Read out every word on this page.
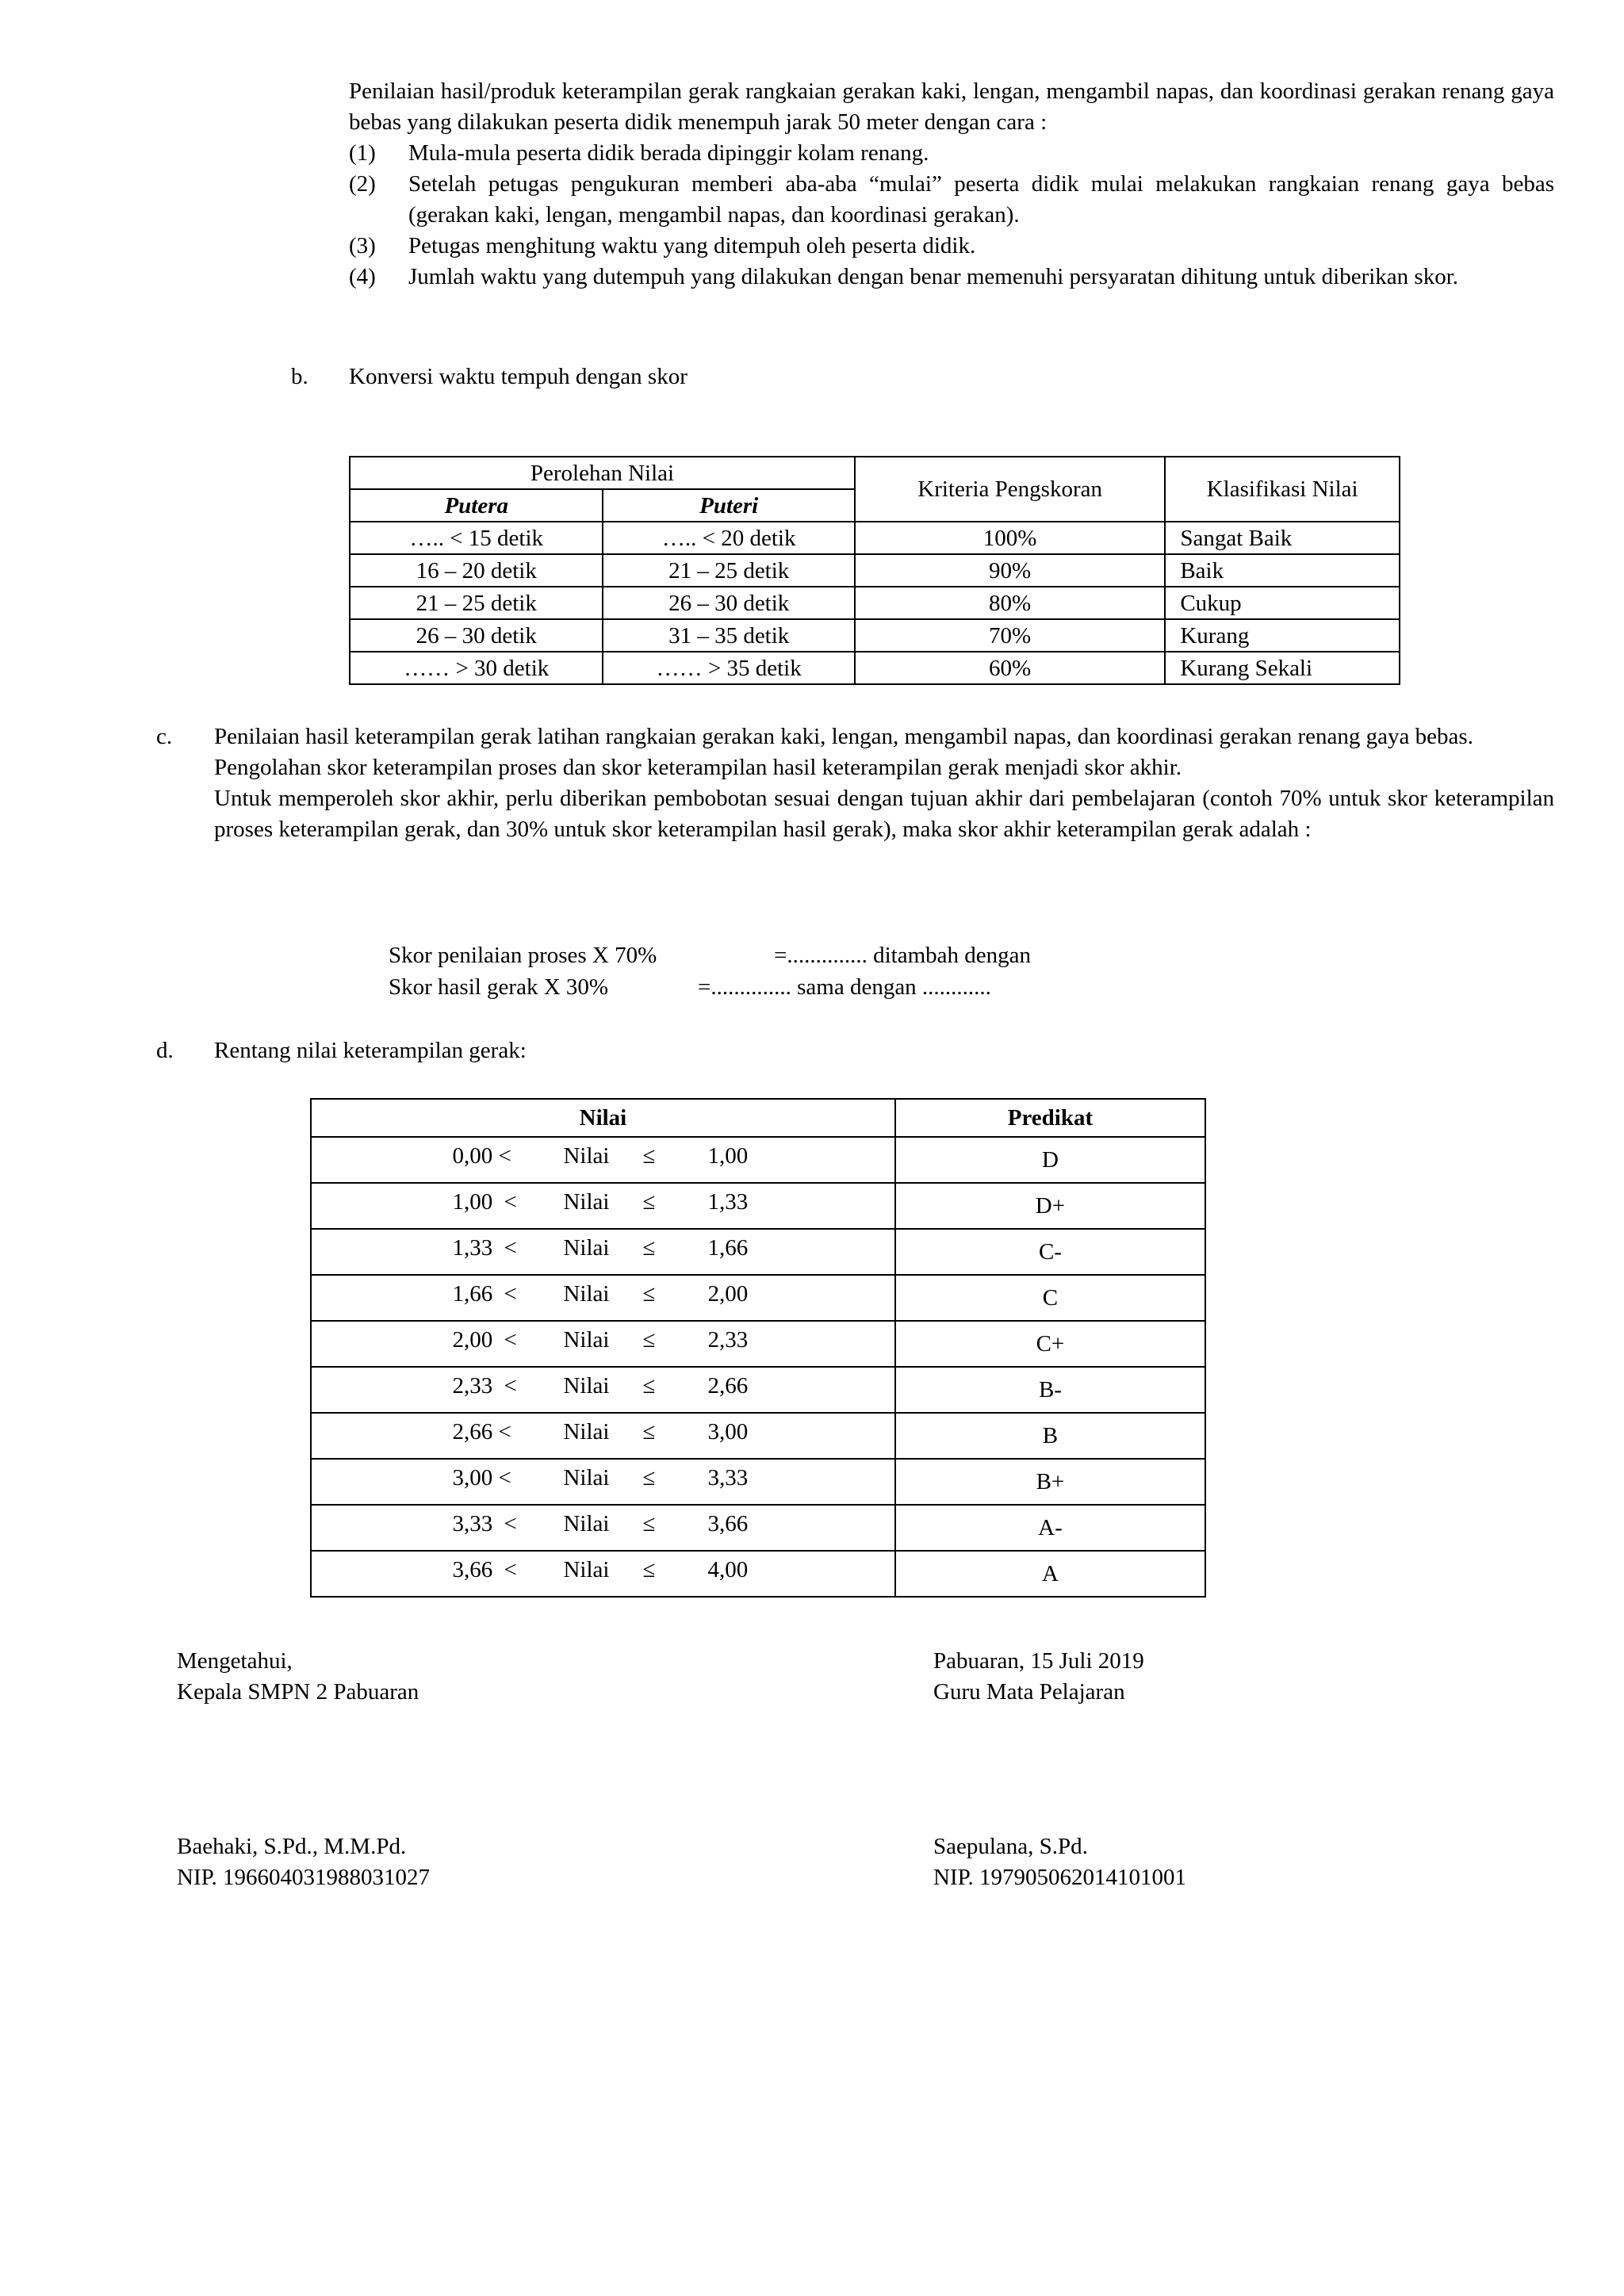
Penilaian hasil/produk keterampilan gerak rangkaian gerakan kaki, lengan, mengambil napas, dan koordinasi gerakan renang gaya bebas yang dilakukan peserta didik menempuh jarak 50 meter dengan cara :
(1) Mula-mula peserta didik berada dipinggir kolam renang.
(2) Setelah petugas pengukuran memberi aba-aba “mulai” peserta didik mulai melakukan rangkaian renang gaya bebas (gerakan kaki, lengan, mengambil napas, dan koordinasi gerakan).
(3) Petugas menghitung waktu yang ditempuh oleh peserta didik.
(4) Jumlah waktu yang dutempuh yang dilakukan dengan benar memenuhi persyaratan dihitung untuk diberikan skor.
b. Konversi waktu tempuh dengan skor
Perolehan Nilai		Kriteria Pengskoran	Klasifikasi Nilai
Putera	Puteri		
….. < 15 detik	….. < 20 detik	100%	Sangat Baik
16 – 20 detik	21 – 25 detik	90%	Baik
21 – 25 detik	26 – 30 detik	80%	Cukup
26 – 30 detik	31 – 35 detik	70%	Kurang
…… > 30 detik	…… > 35 detik	60%	Kurang Sekali
c. Penilaian hasil keterampilan gerak latihan rangkaian gerakan kaki, lengan, mengambil napas, dan koordinasi gerakan renang gaya bebas.
Pengolahan skor keterampilan proses dan skor keterampilan hasil keterampilan gerak menjadi skor akhir.
Untuk memperoleh skor akhir, perlu diberikan pembobotan sesuai dengan tujuan akhir dari pembelajaran (contoh 70% untuk skor keterampilan proses keterampilan gerak, dan 30% untuk skor keterampilan hasil gerak), maka skor akhir keterampilan gerak adalah :
Skor penilaian proses X 70%	=.............. ditambah dengan
Skor hasil gerak X 30%	=.............. sama dengan ............
d. Rentang nilai keterampilan gerak:
Nilai	Predikat

0,00 < Nilai ≤ 1,00	D

1,00 < Nilai ≤ 1,33	D+

1,33 < Nilai ≤ 1,66	C-

1,66 < Nilai ≤ 2,00	C

2,00 < Nilai ≤ 2,33	C+

2,33 < Nilai ≤ 2,66	B-

2,66 < Nilai ≤ 3,00	B

3,00 < Nilai ≤ 3,33	B+

3,33 < Nilai ≤ 3,66	A-

3,66 < Nilai ≤ 4,00	A
Mengetahui,
Kepala SMPN 2 Pabuaran
Baehaki, S.Pd., M.M.Pd.
NIP. 196604031988031027
Pabuaran, 15 Juli 2019
Guru Mata Pelajaran
Saepulana, S.Pd.
NIP. 197905062014101001
